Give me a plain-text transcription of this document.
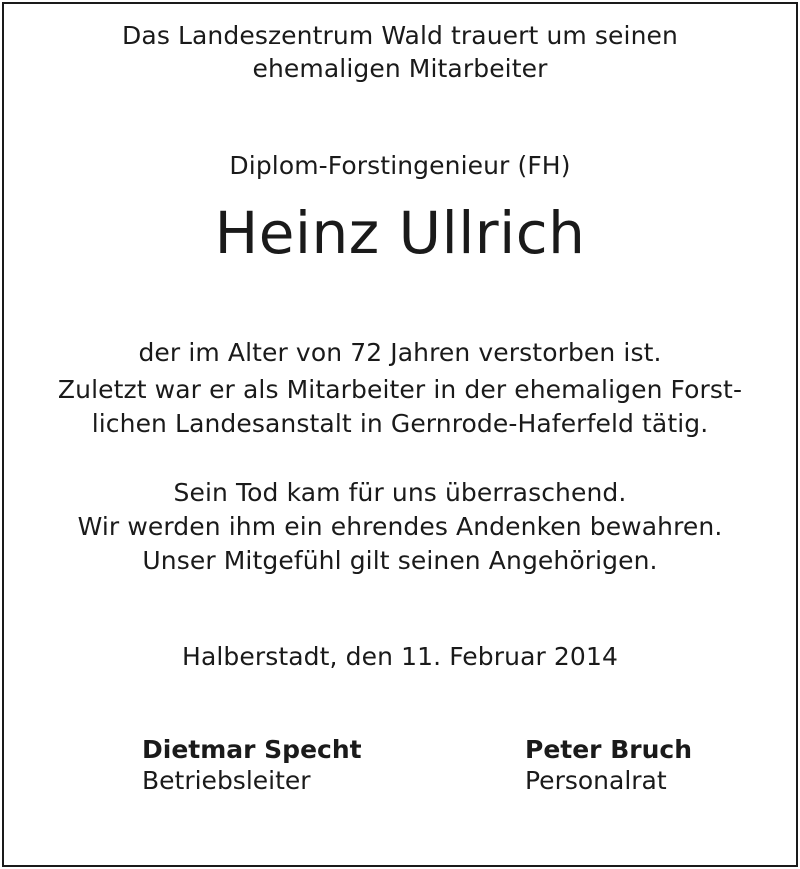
Das Landeszentrum Wald trauert um seinen
ehemaligen Mitarbeiter
Diplom-Forstingenieur (FH)
Heinz Ullrich
der im Alter von 72 Jahren verstorben ist.
Zuletzt war er als Mitarbeiter in der ehemaligen Forst-
lichen Landesanstalt in Gernrode-Haferfeld tätig.
Sein Tod kam für uns überraschend.
Wir werden ihm ein ehrendes Andenken bewahren.
Unser Mitgefühl gilt seinen Angehörigen.
Halberstadt, den 11. Februar 2014
Dietmar Specht
Betriebsleiter
Peter Bruch
Personalrat
